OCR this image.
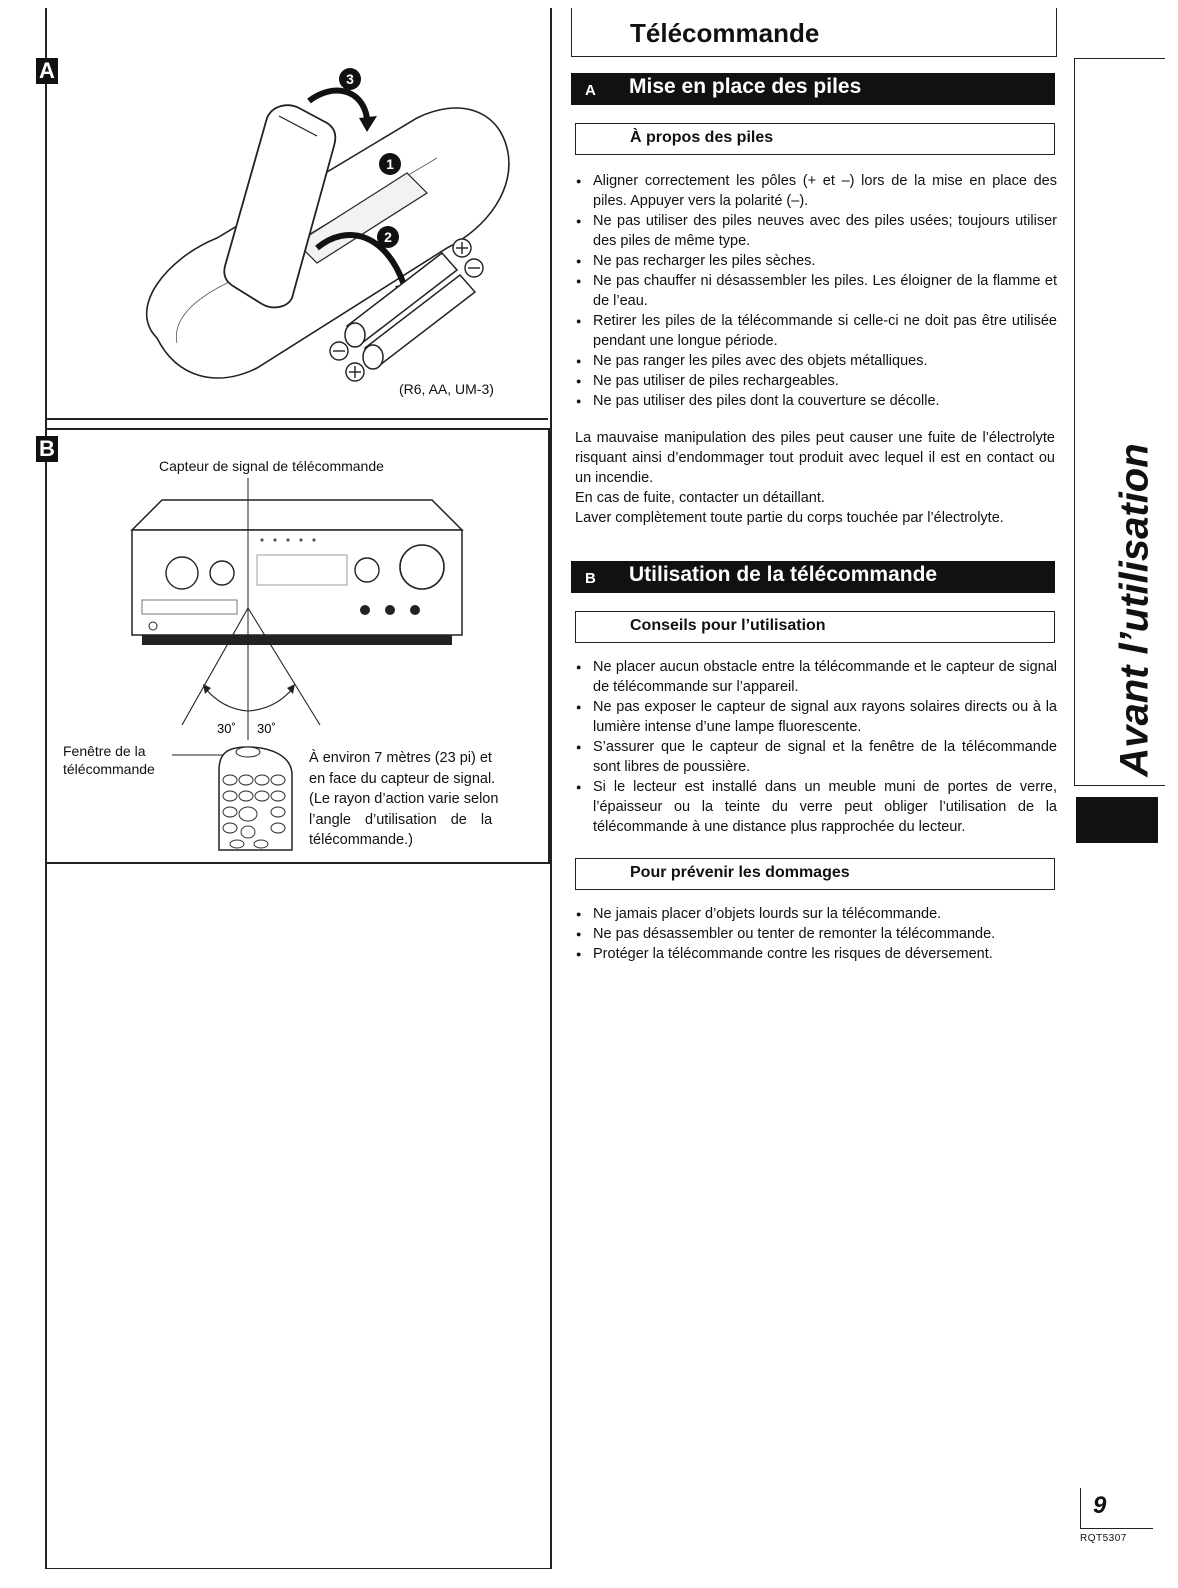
A	3
1
2
(R6, AA, UM-3)
B
Capteur de signal de télécommande
30˚ 30˚
Fenêtre de la
télécommande
À environ 7 mètres (23 pi) et
en face du capteur de signal.
(Le rayon d’action varie selon
l’angle d’utilisation de la
télécommande.)
Télécommande
A Mise en place des piles
À propos des piles
● Aligner correctement les pôles (+ et –) lors de la mise en place des piles. Appuyer vers la polarité (–).
● Ne pas utiliser des piles neuves avec des piles usées; toujours utiliser des piles de même type.
● Ne pas recharger les piles sèches.
● Ne pas chauffer ni désassembler les piles. Les éloigner de la flamme et de l’eau.
● Retirer les piles de la télécommande si celle-ci ne doit pas être utilisée pendant une longue période.
● Ne pas ranger les piles avec des objets métalliques.
● Ne pas utiliser de piles rechargeables.
● Ne pas utiliser des piles dont la couverture se décolle.
La mauvaise manipulation des piles peut causer une fuite de l’électrolyte risquant ainsi d’endommager tout produit avec lequel il est en contact ou un incendie.
En cas de fuite, contacter un détaillant.
Laver complètement toute partie du corps touchée par l’électrolyte.
B Utilisation de la télécommande
Conseils pour l’utilisation
● Ne placer aucun obstacle entre la télécommande et le capteur de signal de télécommande sur l’appareil.
● Ne pas exposer le capteur de signal aux rayons solaires directs ou à la lumière intense d’une lampe fluorescente.
● S’assurer que le capteur de signal et la fenêtre de la télécommande sont libres de poussière.
● Si le lecteur est installé dans un meuble muni de portes de verre, l’épaisseur ou la teinte du verre peut obliger l’utilisation de la télécommande à une distance plus rapprochée du lecteur.
Pour prévenir les dommages
● Ne jamais placer d’objets lourds sur la télécommande.
● Ne pas désassembler ou tenter de remonter la télécommande.
● Protéger la télécommande contre les risques de déversement.
Avant l’utilisation
9
RQT5307
